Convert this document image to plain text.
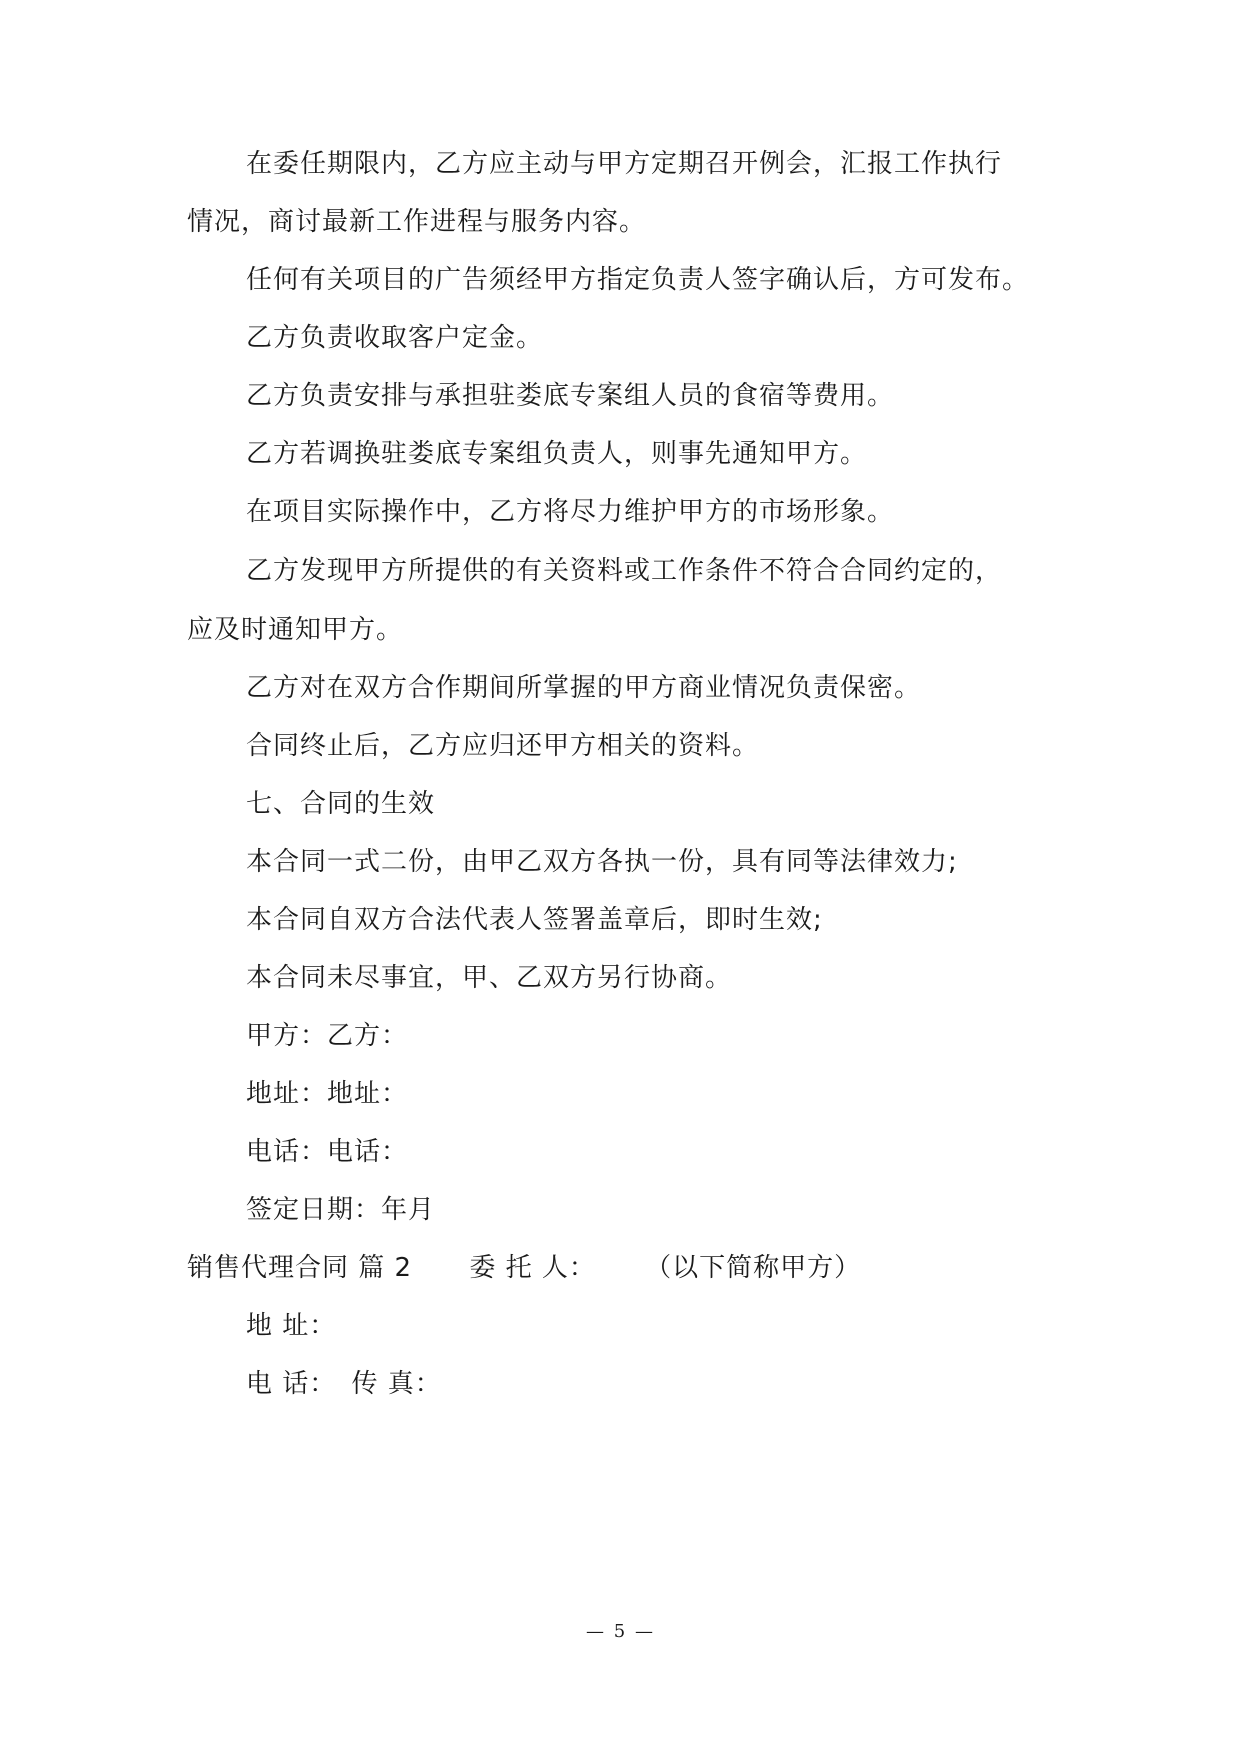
在委任期限内，乙方应主动与甲方定期召开例会，汇报工作执行
情况，商讨最新工作进程与服务内容。
任何有关项目的广告须经甲方指定负责人签字确认后，方可发布。
乙方负责收取客户定金。
乙方负责安排与承担驻娄底专案组人员的食宿等费用。
乙方若调换驻娄底专案组负责人，则事先通知甲方。
在项目实际操作中，乙方将尽力维护甲方的市场形象。
乙方发现甲方所提供的有关资料或工作条件不符合合同约定的，
应及时通知甲方。
乙方对在双方合作期间所掌握的甲方商业情况负责保密。
合同终止后，乙方应归还甲方相关的资料。
七、合同的生效
本合同一式二份，由甲乙双方各执一份，具有同等法律效力;
本合同自双方合法代表人签署盖章后，即时生效;
本合同未尽事宜，甲、乙双方另行协商。
甲方：乙方：
地址：地址：
电话：电话：
签定日期：年月
销售代理合同 篇 2 委 托 人： （以下简称甲方）
地 址：
电 话： 传 真：
— 5 —
